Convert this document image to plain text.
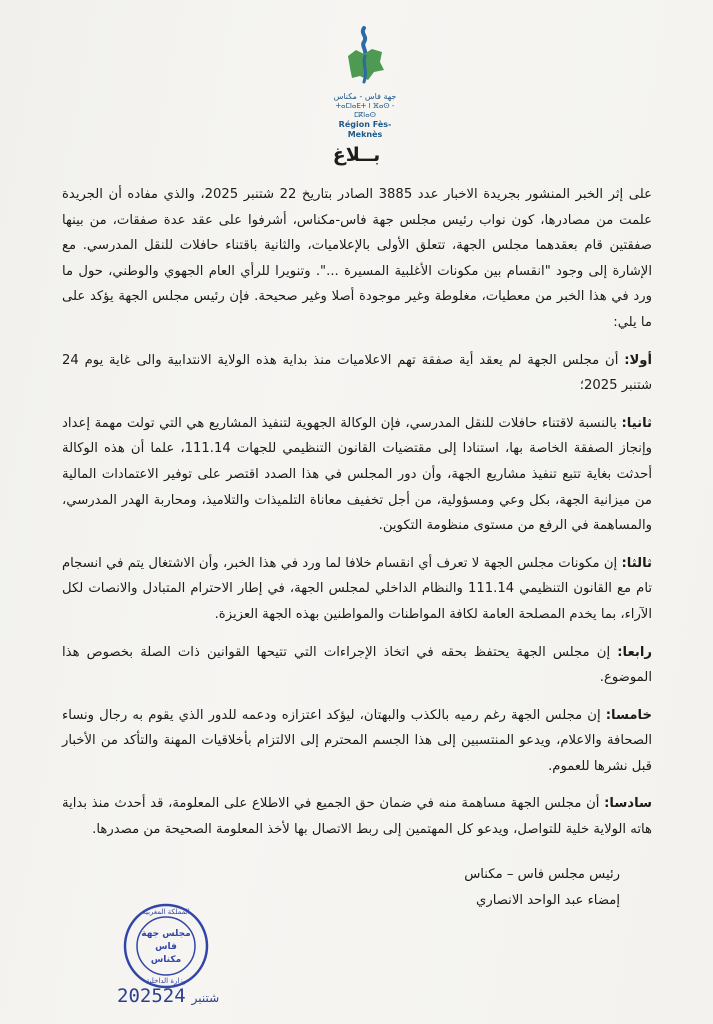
جهة فاس - مكناس
ⵜⴰⵎⵏⴰⴹⵜ ⵏ ⴼⴰⵙ - ⵎⴽⵏⴰⵙ
Région Fès-Meknès
بــلاغ

على إثر الخبر المنشور بجريدة الاخبار عدد 3885 الصادر بتاريخ 22 شتنبر 2025، والذي مفاده أن الجريدة علمت من مصادرها، كون نواب رئيس مجلس جهة فاس-مكناس، أشرفوا على عقد عدة صفقات، من بينها صفقتين قام بعقدهما مجلس الجهة، تتعلق الأولى بالإعلاميات، والثانية باقتناء حافلات للنقل المدرسي. مع الإشارة إلى وجود "انقسام بين مكونات الأغلبية المسيرة ...". وتنويرا للرأي العام الجهوي والوطني، حول ما ورد في هذا الخبر من معطيات، مغلوطة وغير موجودة أصلا وغير صحيحة. فإن رئيس مجلس الجهة يؤكد على ما يلي:

أولا: أن مجلس الجهة لم يعقد أية صفقة تهم الاعلاميات منذ بداية هذه الولاية الانتدابية والى غاية يوم 24 شتنبر 2025؛

ثانيا: بالنسبة لاقتناء حافلات للنقل المدرسي، فإن الوكالة الجهوية لتنفيذ المشاريع هي التي تولت مهمة إعداد وإنجاز الصفقة الخاصة بها، استنادا إلى مقتضيات القانون التنظيمي للجهات 111.14، علما أن هذه الوكالة أحدثت بغاية تتبع تنفيذ مشاريع الجهة، وأن دور المجلس في هذا الصدد اقتصر على توفير الاعتمادات المالية من ميزانية الجهة، بكل وعي ومسؤولية، من أجل تخفيف معاناة التلميذات والتلاميذ، ومحاربة الهدر المدرسي، والمساهمة في الرفع من مستوى منظومة التكوين.

ثالثا: إن مكونات مجلس الجهة لا تعرف أي انقسام خلافا لما ورد في هذا الخبر، وأن الاشتغال يتم في انسجام تام مع القانون التنظيمي 111.14 والنظام الداخلي لمجلس الجهة، في إطار الاحترام المتبادل والانصات لكل الآراء، بما يخدم المصلحة العامة لكافة المواطنات والمواطنين بهذه الجهة العزيزة.

رابعا: إن مجلس الجهة يحتفظ بحقه في اتخاذ الإجراءات التي تتيحها القوانين ذات الصلة بخصوص هذا الموضوع.

خامسا: إن مجلس الجهة رغم رميه بالكذب والبهتان، ليؤكد اعتزازه ودعمه للدور الذي يقوم به رجال ونساء الصحافة والاعلام، ويدعو المنتسبين إلى هذا الجسم المحترم إلى الالتزام بأخلاقيات المهنة والتأكد من الأخبار قبل نشرها للعموم.

سادسا: أن مجلس الجهة مساهمة منه في ضمان حق الجميع في الاطلاع على المعلومة، قد أحدث منذ بداية هاته الولاية خلية للتواصل، ويدعو كل المهتمين إلى ربط الاتصال بها لأخذ المعلومة الصحيحة من مصدرها.

رئيس مجلس فاس – مكناس
إمضاء عبد الواحد الانصاري
المملكة المغربية
مجلس جهة
فاس
مكناس
وزارة الداخلية
2025 شتنبر24
